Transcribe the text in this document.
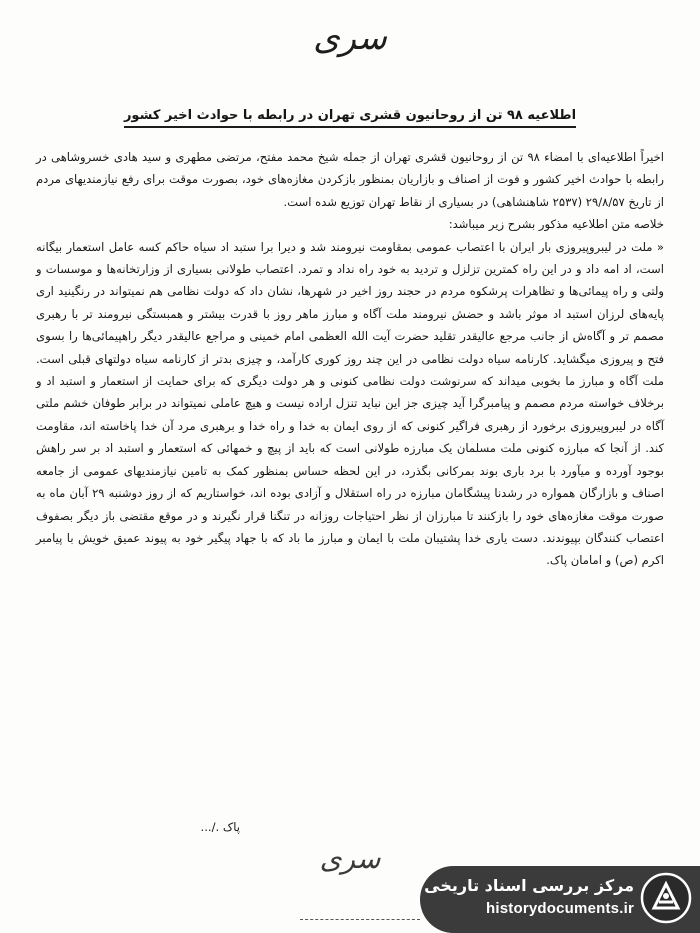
سری
اطلاعیه ۹۸ تن از روحانیون قشری تهران در رابطه با حوادث اخیر کشور

اخیراً اطلاعیه‌ای با امضاء ۹۸ تن از روحانیون قشری تهران از جمله شیخ محمد مفتح، مرتضی مطهری و سید هادی خسروشاهی در رابطه با حوادث اخیر کشور و فوت از اصناف و بازاریان بمنظور بازکردن مغازه‌های خود، بصورت موقت برای رفع نیازمندیهای مردم از تاریخ ۲۹/۸/۵۷ (۲۵۳۷ شاهنشاهی) در بسیاری از نقاط تهران توزیع شده است.

خلاصه متن اطلاعیه مذکور بشرح زیر میباشد:

« ملت در لیبروپیروزی بار ایران با اعتصاب عمومی بمقاومت نیرومند شد و دیرا برا ستبد اد سیاه حاکم کسه عامل استعمار بیگانه است، اد امه داد و در این راه کمترین تزلزل و تردید به خود راه نداد و تمرد. اعتصاب طولانی بسیاری از وزارتخانه‌ها و موسسات و ولتی و راه پیمائی‌ها و تظاهرات پرشکوه مردم در حجند روز اخیر در شهرها، نشان داد که دولت نظامی هم نمیتواند در رنگینید اری پایه‌های لرزان استبد اد موثر باشد و حضش نیرومند ملت آگاه و مبارز ماهر روز با قدرت بیشتر و همبستگی نیرومند تر با رهبری مصمم تر و آگاه‌ش از جانب مرجع عالیقدر تقلید حضرت آیت الله العظمی امام خمینی و مراجع عالیقدر دیگر راهپیمائی‌ها را بسوی فتح و پیروزی میگشاید. کارنامه سیاه دولت نظامی در این چند روز کوری کارآمد، و چیزی بدتر از کارنامه سیاه دولتهای قبلی است. ملت آگاه و مبارز ما بخوبی میداند که سرنوشت دولت نظامی کنونی و هر دولت دیگری که برای حمایت از استعمار و استبد اد و برخلاف خواسته مردم مصمم و پیامبرگرا آید چیزی جز این نباید تنزل اراده نیست و هیچ عاملی نمیتواند در برابر طوفان خشم ملتی آگاه در لیبروپیروزی برخورد از رهبری فراگیر کنونی که از روی ایمان به خدا و راه خدا و برهبری مرد آن خدا پاخاسته اند، مقاومت کند. از آنجا که مبارزه کنونی ملت مسلمان یک مبارزه طولانی است که باید از پیچ و خمهائی که استعمار و استبد اد بر سر راهش بوجود آورده و میآورد با برد باری بوند بمرکانی بگذرد، در این لحظه حساس بمنظور کمک به تامین نیازمندیهای عمومی از جامعه اصناف و بازارگان همواره در رشدنا پیشگامان مبارزه در راه استقلال و آزادی بوده اند، خواستاریم که از روز دوشنبه ۲۹ آبان ماه به صورت موقت مغازه‌های خود را بازکنند تا مبارزان از نظر احتیاجات روزانه در تنگنا قرار نگیرند و در موقع مقتضی باز دیگر بصفوف اعتصاب کنندگان بپیوندند. دست یاری خدا پشتیبان ملت با ایمان و مبارز ما باد که با جهاد پیگیر خود به پیوند عمیق خویش با پیامبر اکرم (ص) و امامان پاک.

پاک ./...
سری
مرکز بررسی اسناد تاریخی
historydocuments.ir
